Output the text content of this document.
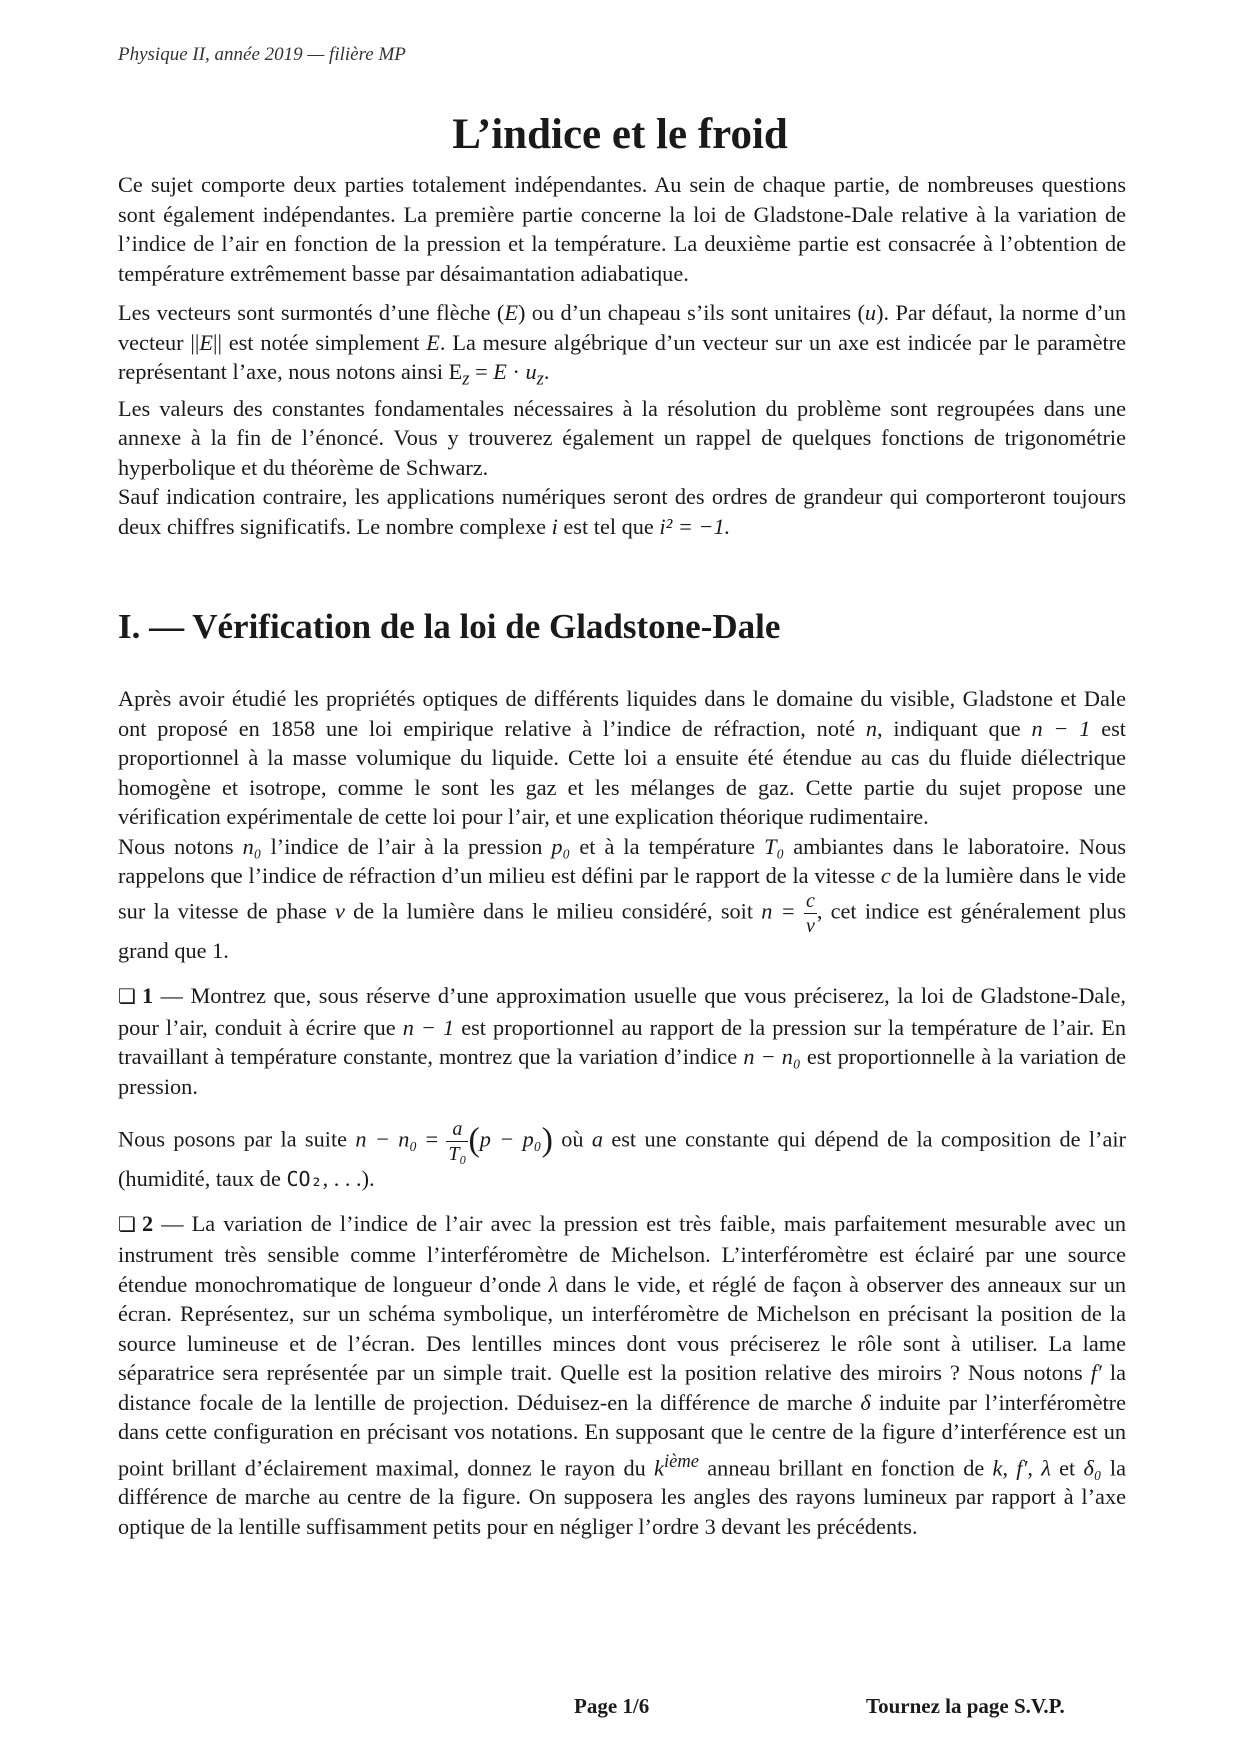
Physique II, année 2019 — filière MP
L’indice et le froid

Ce sujet comporte deux parties totalement indépendantes. Au sein de chaque partie, de nombreuses questions sont également indépendantes. La première partie concerne la loi de Gladstone-Dale relative à la variation de l’indice de l’air en fonction de la pression et la température. La deuxième partie est consacrée à l’obtention de température extrêmement basse par désaimantation adiabatique.

Les vecteurs sont surmontés d’une flèche (E) ou d’un chapeau s’ils sont unitaires (u). Par défaut, la norme d’un vecteur ||E|| est notée simplement E. La mesure algébrique d’un vecteur sur un axe est indicée par le paramètre représentant l’axe, nous notons ainsi $E_z = E \cdot u_z$.

Les valeurs des constantes fondamentales nécessaires à la résolution du problème sont regroupées dans une annexe à la fin de l’énoncé. Vous y trouverez également un rappel de quelques fonctions de trigonométrie hyperbolique et du théorème de Schwarz.

Sauf indication contraire, les applications numériques seront des ordres de grandeur qui comporteront toujours deux chiffres significatifs. Le nombre complexe i est tel que i² = −1.

I. — Vérification de la loi de Gladstone-Dale

Après avoir étudié les propriétés optiques de différents liquides dans le domaine du visible, Gladstone et Dale ont proposé en 1858 une loi empirique relative à l’indice de réfraction, noté n, indiquant que n − 1 est proportionnel à la masse volumique du liquide. Cette loi a ensuite été étendue au cas du fluide diélectrique homogène et isotrope, comme le sont les gaz et les mélanges de gaz. Cette partie du sujet propose une vérification expérimentale de cette loi pour l’air, et une explication théorique rudimentaire.

Nous notons n₀ l’indice de l’air à la pression p₀ et à la température T₀ ambiantes dans le laboratoire. Nous rappelons que l’indice de réfraction d’un milieu est défini par le rapport de la vitesse c de la lumière dans le vide sur la vitesse de phase v de la lumière dans le milieu considéré, soit $n = \frac{c}{v}$ , cet indice est généralement plus grand que 1.

❏ 1 — Montrez que, sous réserve d’une approximation usuelle que vous préciserez, la loi de Gladstone-Dale, pour l’air, conduit à écrire que n − 1 est proportionnel au rapport de la pression sur la température de l’air. En travaillant à température constante, montrez que la variation d’indice n − n₀ est proportionnelle à la variation de pression.

Nous posons par la suite $n - n_0 = \frac{a}{\text{T₀}} (p - p_0)$ où a est une constante qui dépend de la composition de l’air (humidité, taux de CO₂, . . .).

❏ 2 — La variation de l’indice de l’air avec la pression est très faible, mais parfaitement mesurable avec un instrument très sensible comme l’interféromètre de Michelson. L’interféromètre est éclairé par une source étendue monochromatique de longueur d’onde λ dans le vide, et réglé de façon à observer des anneaux sur un écran. Représentez, sur un schéma symbolique, un interféromètre de Michelson en précisant la position de la source lumineuse et de l’écran. Des lentilles minces dont vous préciserez le rôle sont à utiliser. La lame séparatrice sera représentée par un simple trait. Quelle est la position relative des miroirs ? Nous notons f′ la distance focale de la lentille de projection. Déduisez-en la différence de marche δ induite par l’interféromètre dans cette configuration en précisant vos notations. En supposant que le centre de la figure d’interférence est un point brillant d’éclairement maximal, donnez le rayon du $k^{ième}$ anneau brillant en fonction de k, f′, λ et δ₀ la différence de marche au centre de la figure. On supposera les angles des rayons lumineux par rapport à l’axe optique de la lentille suffisamment petits pour en négliger l’ordre 3 devant les précédents.

Page 1/6	Tournez la page S.V.P.
